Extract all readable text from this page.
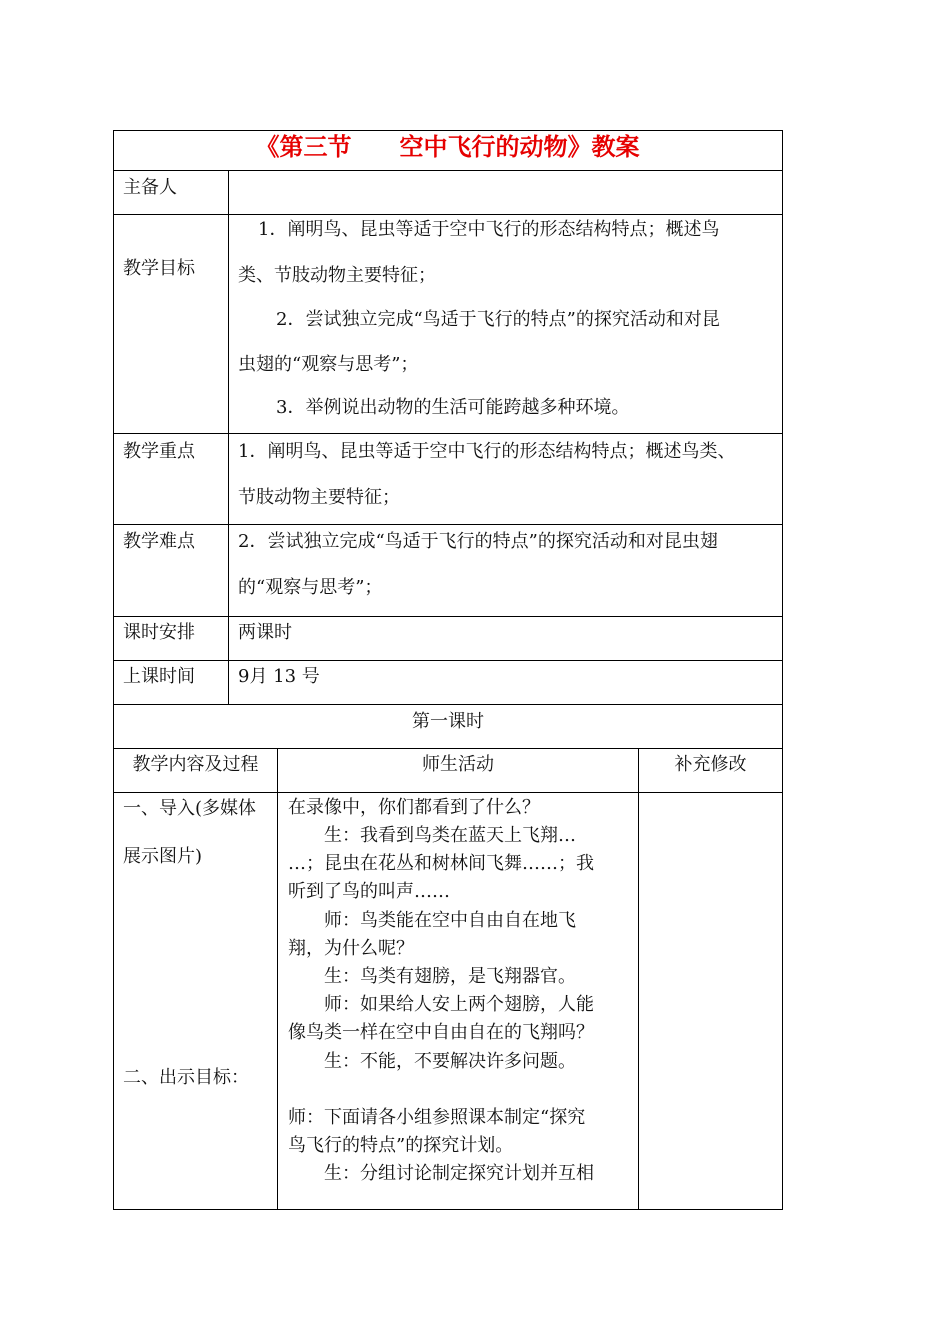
《第三节　　空中飞行的动物》教案
主备人
教学目标
1．阐明鸟、昆虫等适于空中飞行的形态结构特点；概述鸟
类、节肢动物主要特征；
2．尝试独立完成“鸟适于飞行的特点”的探究活动和对昆
虫翅的“观察与思考”；
3．举例说出动物的生活可能跨越多种环境。
教学重点 1．阐明鸟、昆虫等适于空中飞行的形态结构特点；概述鸟类、
节肢动物主要特征；
教学难点 2．尝试独立完成“鸟适于飞行的特点”的探究活动和对昆虫翅
的“观察与思考”；
课时安排 两课时
上课时间 9月 13 号
第一课时
教学内容及过程	师生活动	补充修改
一、导入(多媒体
展示图片)
二、出示目标：
在录像中，你们都看到了什么？
　　生：我看到鸟类在蓝天上飞翔…
…；昆虫在花丛和树林间飞舞……；我
听到了鸟的叫声……
　　师：鸟类能在空中自由自在地飞
翔，为什么呢？
　　生：鸟类有翅膀，是飞翔器官。
　　师：如果给人安上两个翅膀，人能
像鸟类一样在空中自由自在的飞翔吗？
　　生：不能，不要解决许多问题。
师：下面请各小组参照课本制定“探究
鸟飞行的特点”的探究计划。
　　生：分组讨论制定探究计划并互相
